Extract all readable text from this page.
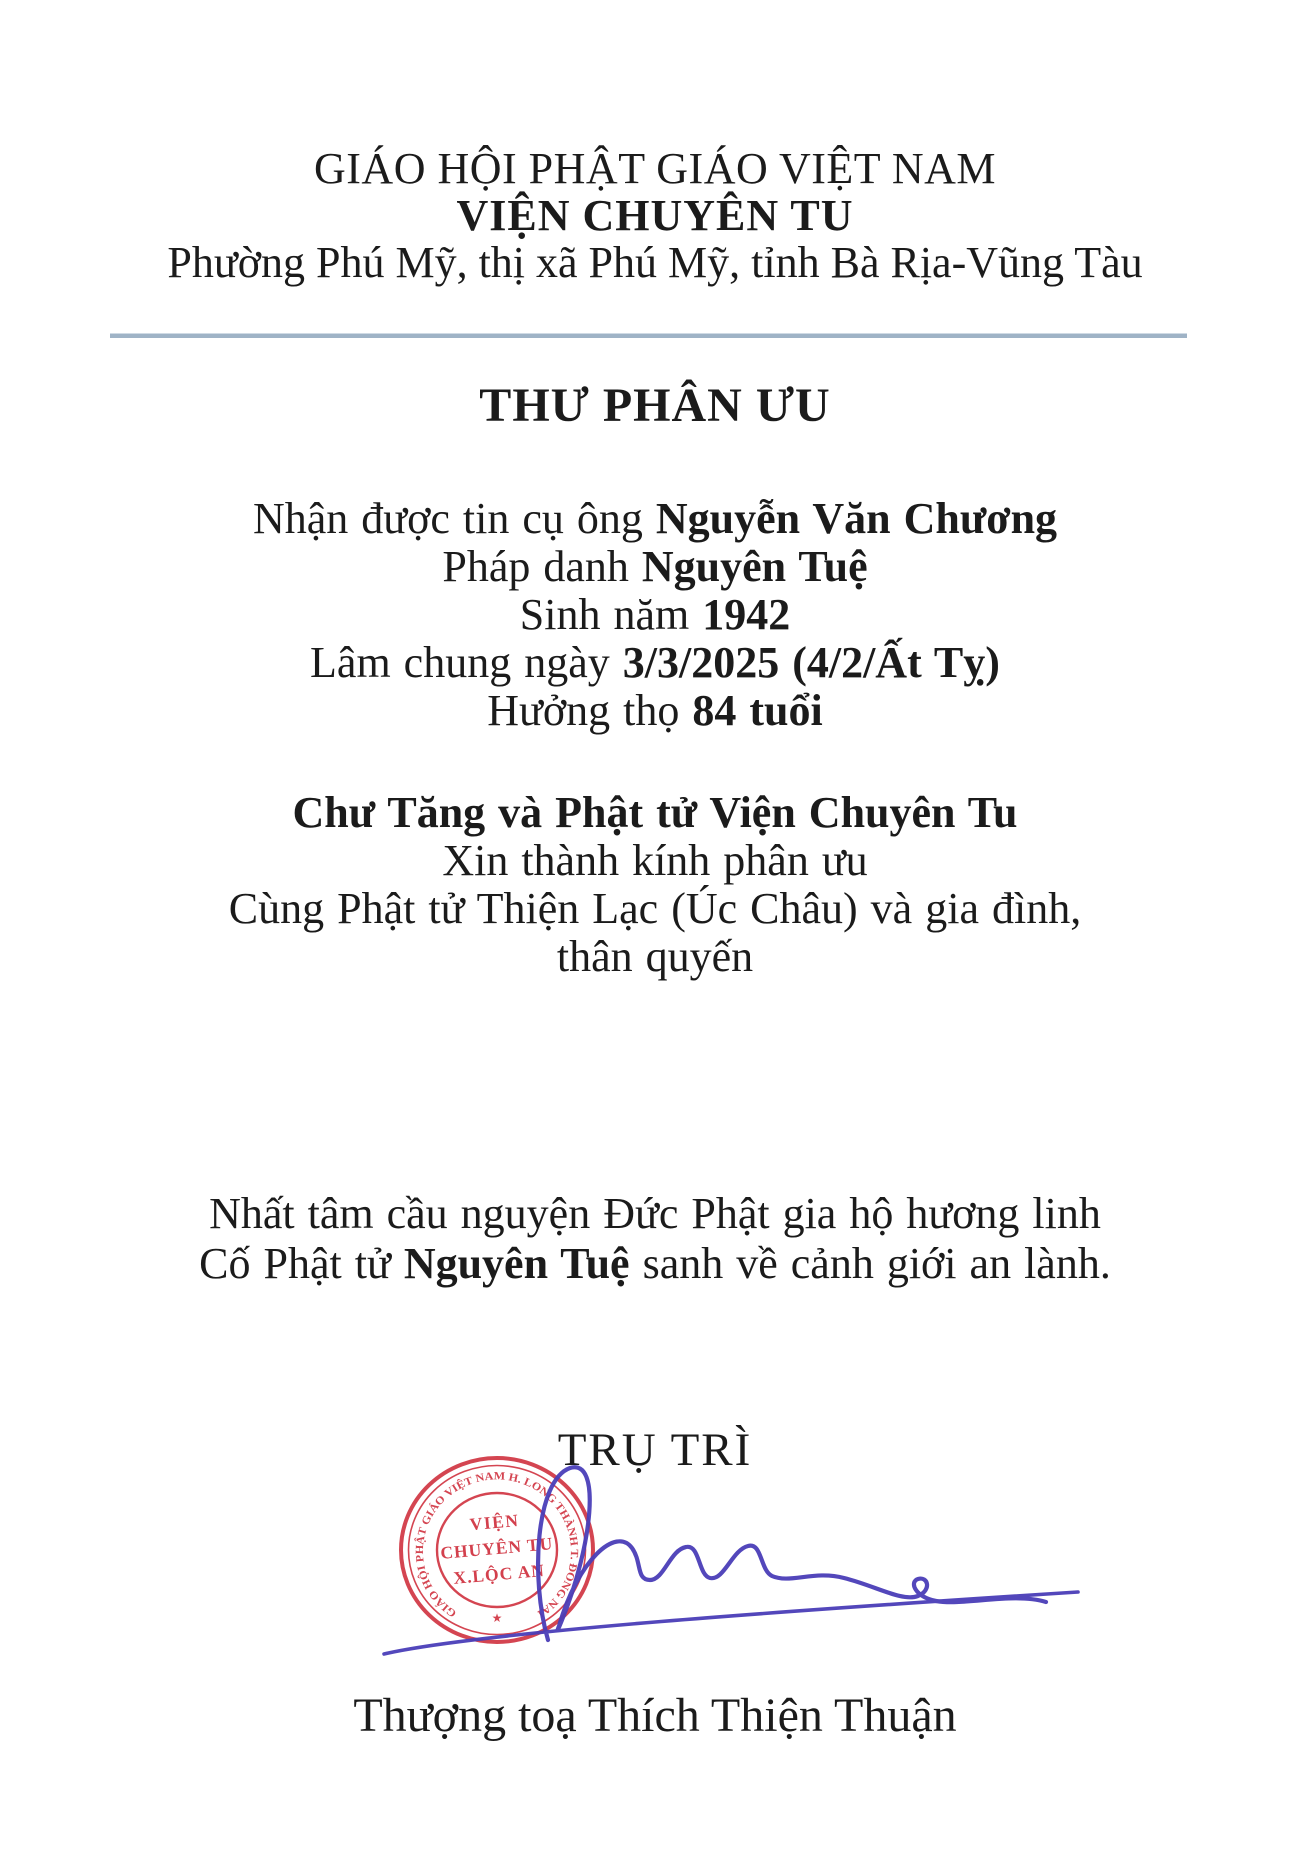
GIÁO HỘI PHẬT GIÁO VIỆT NAM
VIỆN CHUYÊN TU
Phường Phú Mỹ, thị xã Phú Mỹ, tỉnh Bà Rịa-Vũng Tàu
THƯ PHÂN ƯU
Nhận được tin cụ ông Nguyễn Văn Chương
Pháp danh Nguyên Tuệ
Sinh năm 1942
Lâm chung ngày 3/3/2025 (4/2/Ất Tỵ)
Hưởng thọ 84 tuổi
Chư Tăng và Phật tử Viện Chuyên Tu
Xin thành kính phân ưu
Cùng Phật tử Thiện Lạc (Úc Châu) và gia đình,
thân quyến
Nhất tâm cầu nguyện Đức Phật gia hộ hương linh
Cố Phật tử Nguyên Tuệ sanh về cảnh giới an lành.
TRỤ TRÌ
GIÁO HỘI PHẬT GIÁO VIỆT NAM H. LONG THÀNH T. ĐỒNG NAI
★
VIỆN
CHUYÊN TU
X.LỘC AN
Thượng toạ Thích Thiện Thuận
